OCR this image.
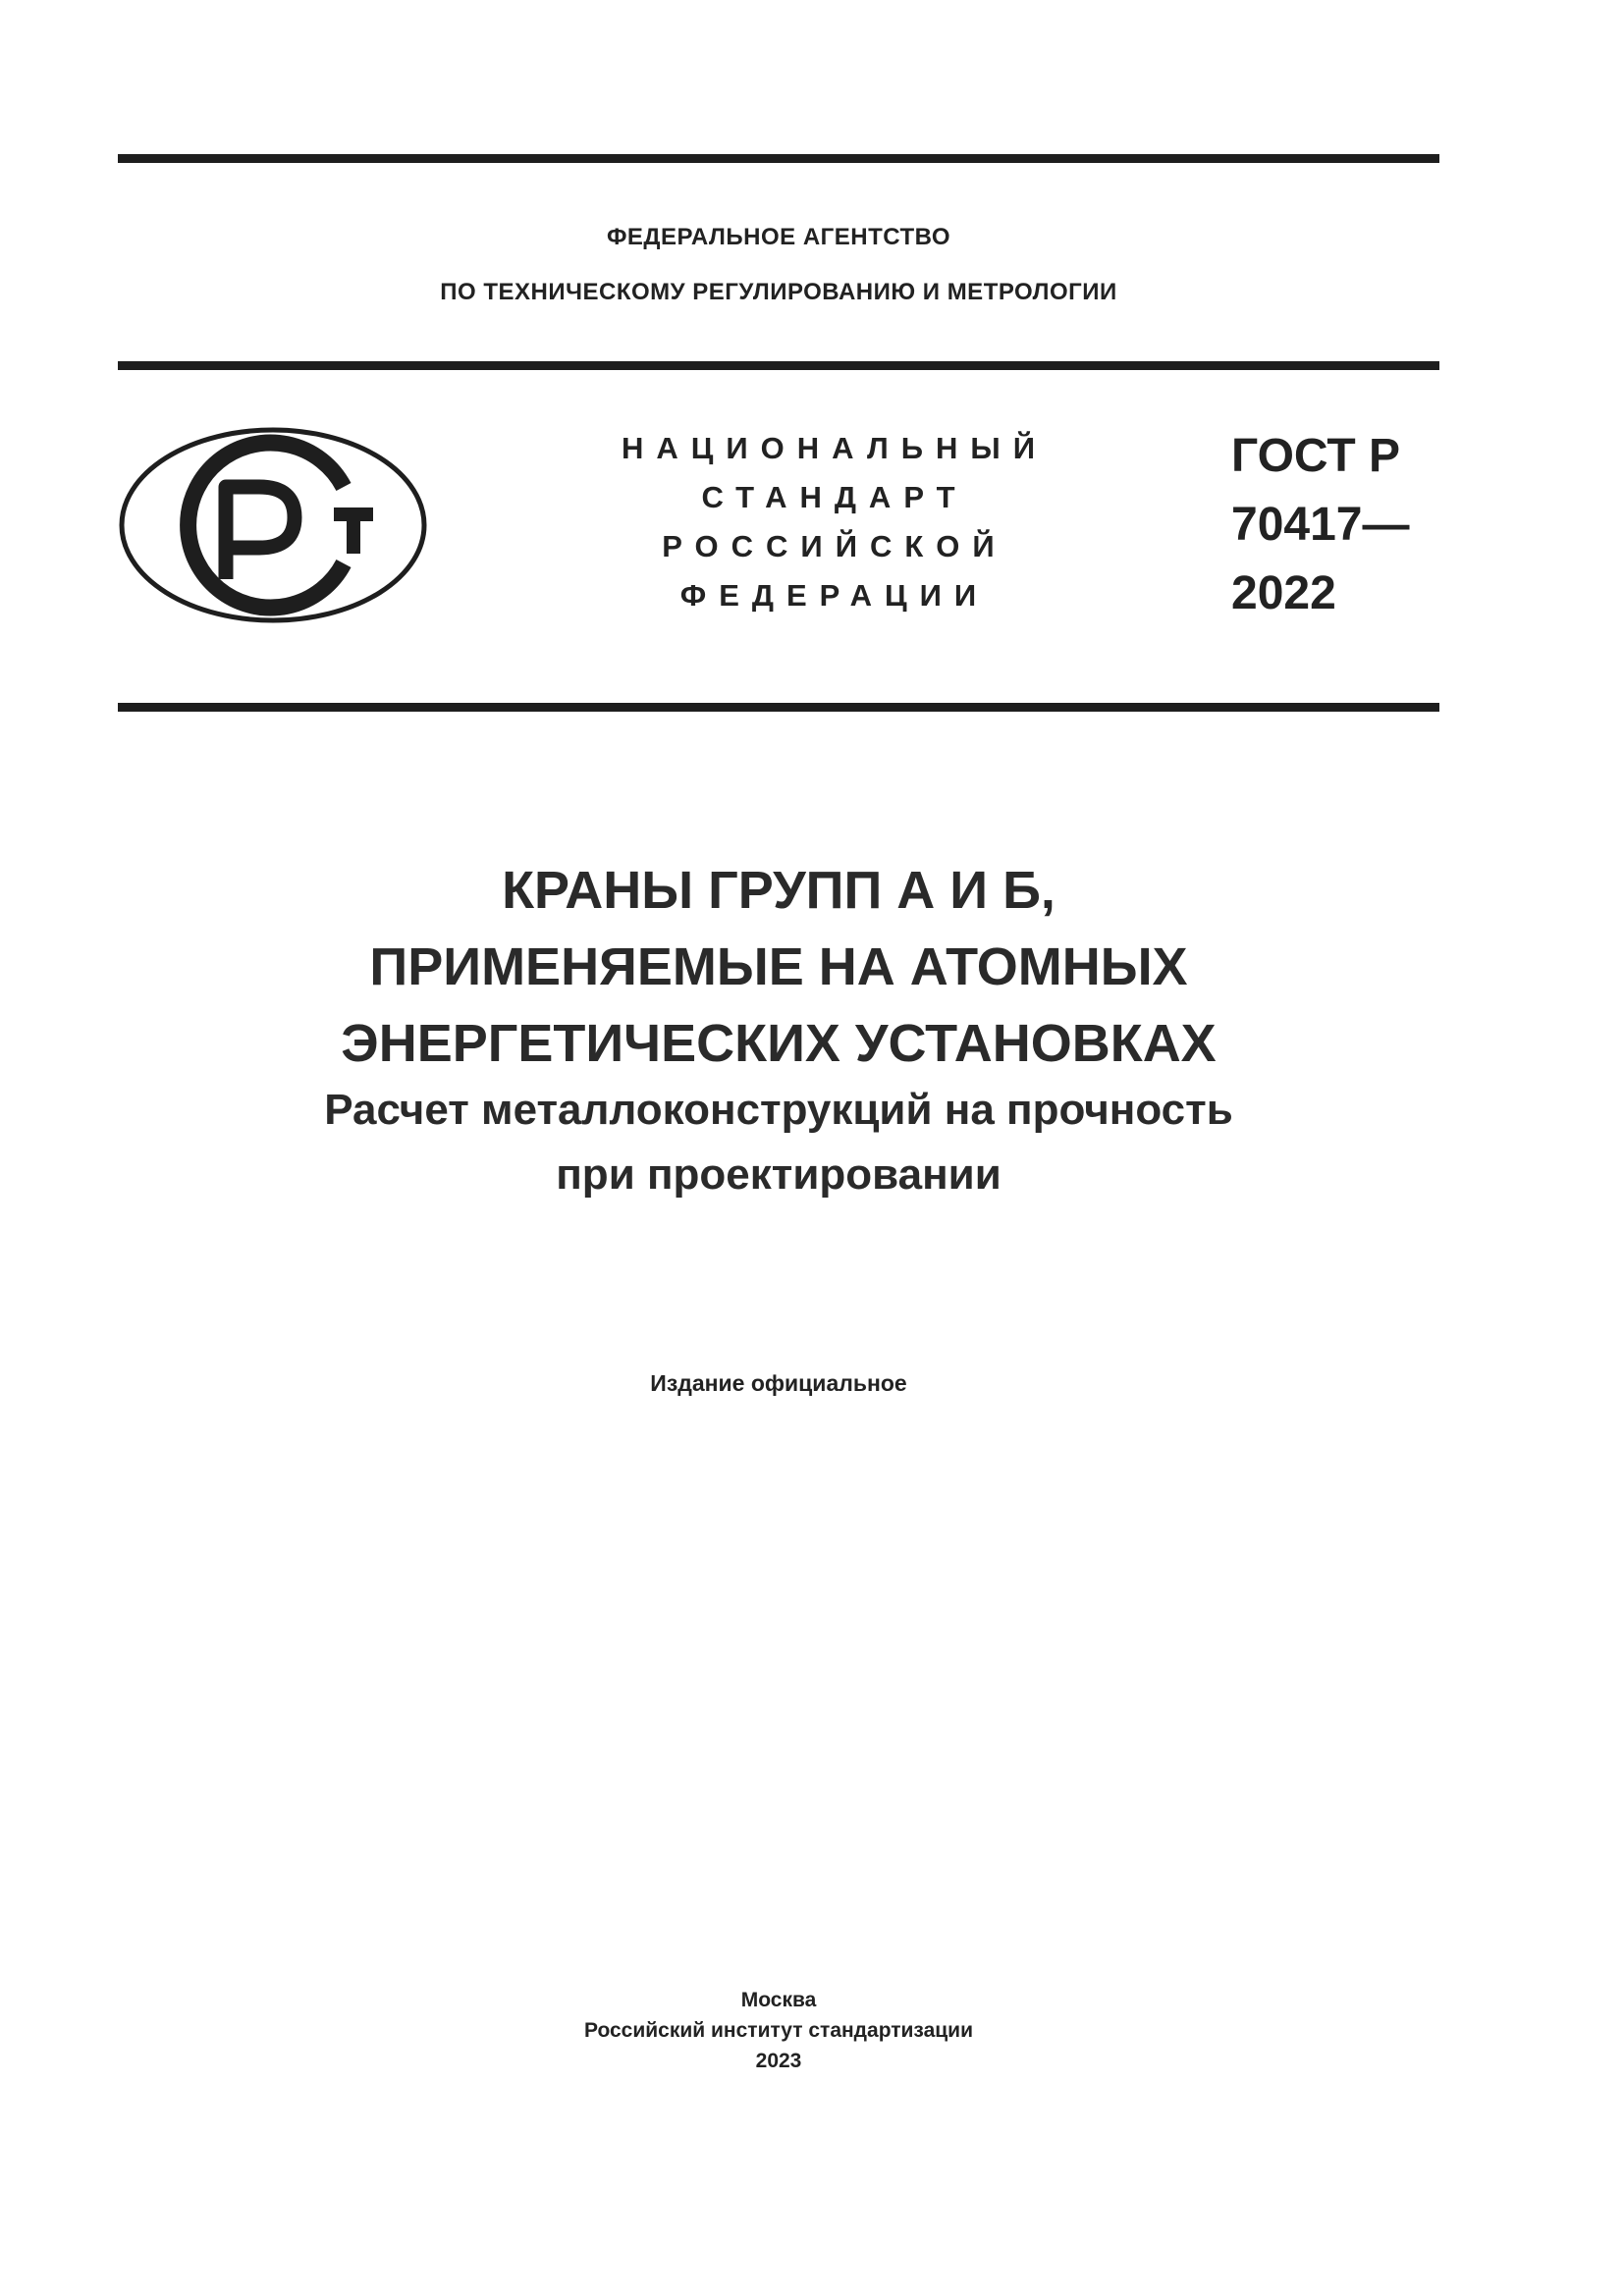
ФЕДЕРАЛЬНОЕ АГЕНТСТВО
ПО ТЕХНИЧЕСКОМУ РЕГУЛИРОВАНИЮ И МЕТРОЛОГИИ
НАЦИОНАЛЬНЫЙ
СТАНДАРТ
РОССИЙСКОЙ
ФЕДЕРАЦИИ
ГОСТ Р
70417—
2022
КРАНЫ ГРУПП А И Б,
ПРИМЕНЯЕМЫЕ НА АТОМНЫХ
ЭНЕРГЕТИЧЕСКИХ УСТАНОВКАХ
Расчет металлоконструкций на прочность
при проектировании
Издание официальное
Москва
Российский институт стандартизации
2023
